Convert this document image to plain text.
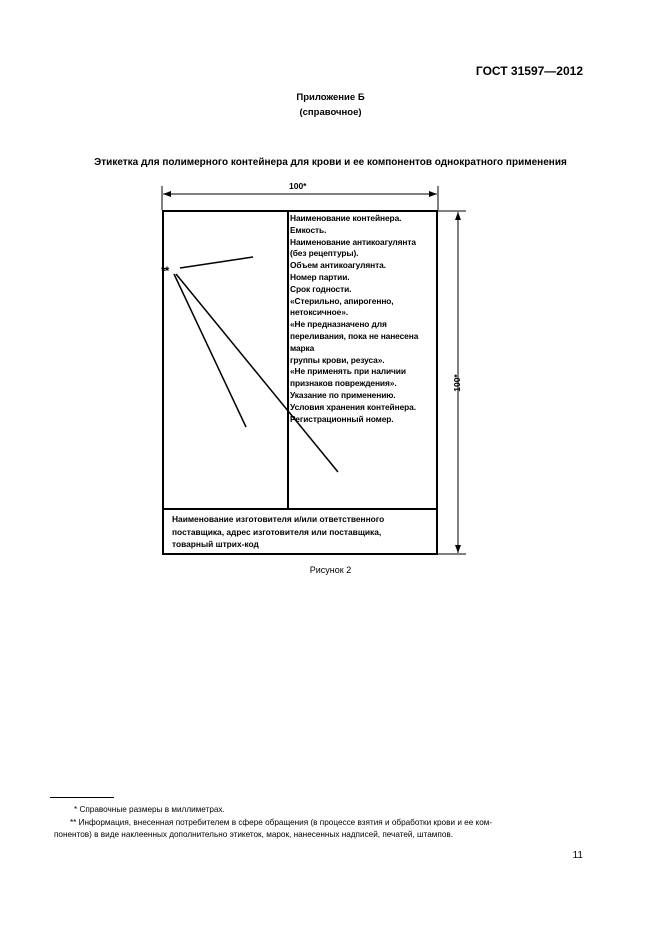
ГОСТ 31597—2012
Приложение Б
(справочное)
Этикетка для полимерного контейнера для крови и ее компонентов однократного применения
100*
100*
**
Наименование контейнера.
Емкость.
Наименование антикоагулянта
(без рецептуры).
Объем антикоагулянта.
Номер партии.
Срок годности.
«Стерильно, апирогенно, нетоксичное».
«Не предназначено для переливания, пока не нанесена марка
группы крови, резуса».
«Не применять при наличии
признаков повреждения».
Указание по применению.
Условия хранения контейнера.
Регистрационный номер.
Наименование изготовителя и/или ответственного
поставщика, адрес изготовителя или поставщика,
товарный штрих-код
Рисунок 2
* Справочные размеры в миллиметрах.
** Информация, внесенная потребителем в сфере обращения (в процессе взятия и обработки крови и ее ком-
понентов) в виде наклеенных дополнительно этикеток, марок, нанесенных надписей, печатей, штампов.
11
